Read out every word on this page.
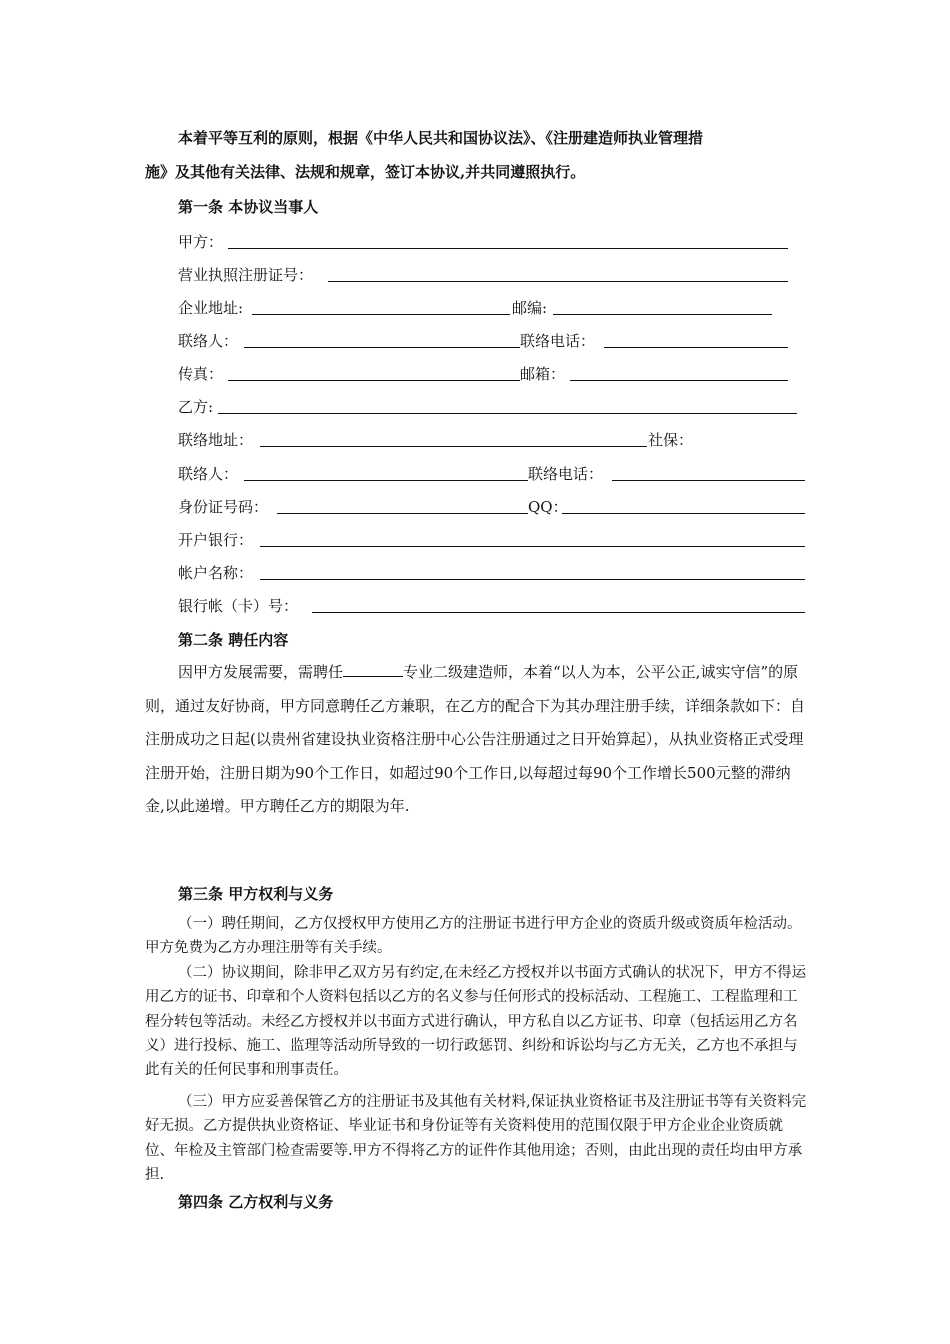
本着平等互利的原则，根据《中华人民共和国协议法》、《注册建造师执业管理措
施》及其他有关法律、法规和规章，签订本协议,并共同遵照执行。
第一条 本协议当事人
甲方：
营业执照注册证号：
企业地址:	邮编:
联络人：	联络电话：
传真：	邮箱：
乙方:
联络地址：	社保：
联络人：	联络电话：
身份证号码：	QQ：
开户银行：
帐户名称：
银行帐（卡）号：
第二条 聘任内容
因甲方发展需要，需聘任	专业二级建造师，本着“以人为本，公平公正,诚实守信”的原则，通过友好协商，甲方同意聘任乙方兼职，在乙方的配合下为其办理注册手续，详细条款如下：自注册成功之日起(以贵州省建设执业资格注册中心公告注册通过之日开始算起），从执业资格正式受理注册开始，注册日期为90个工作日，如超过90个工作日,以每超过每90个工作增长500元整的滞纳金,以此递增。甲方聘任乙方的期限为年.
第三条 甲方权利与义务
（一）聘任期间，乙方仅授权甲方使用乙方的注册证书进行甲方企业的资质升级或资质年检活动。甲方免费为乙方办理注册等有关手续。
（二）协议期间，除非甲乙双方另有约定,在未经乙方授权并以书面方式确认的状况下，甲方不得运用乙方的证书、印章和个人资料包括以乙方的名义参与任何形式的投标活动、工程施工、工程监理和工程分转包等活动。未经乙方授权并以书面方式进行确认，甲方私自以乙方证书、印章（包括运用乙方名义）进行投标、施工、监理等活动所导致的一切行政惩罚、纠纷和诉讼均与乙方无关，乙方也不承担与此有关的任何民事和刑事责任。
（三）甲方应妥善保管乙方的注册证书及其他有关材料,保证执业资格证书及注册证书等有关资料完好无损。乙方提供执业资格证、毕业证书和身份证等有关资料使用的范围仅限于甲方企业企业资质就位、年检及主管部门检查需要等.甲方不得将乙方的证件作其他用途；否则，由此出现的责任均由甲方承担.
第四条 乙方权利与义务
